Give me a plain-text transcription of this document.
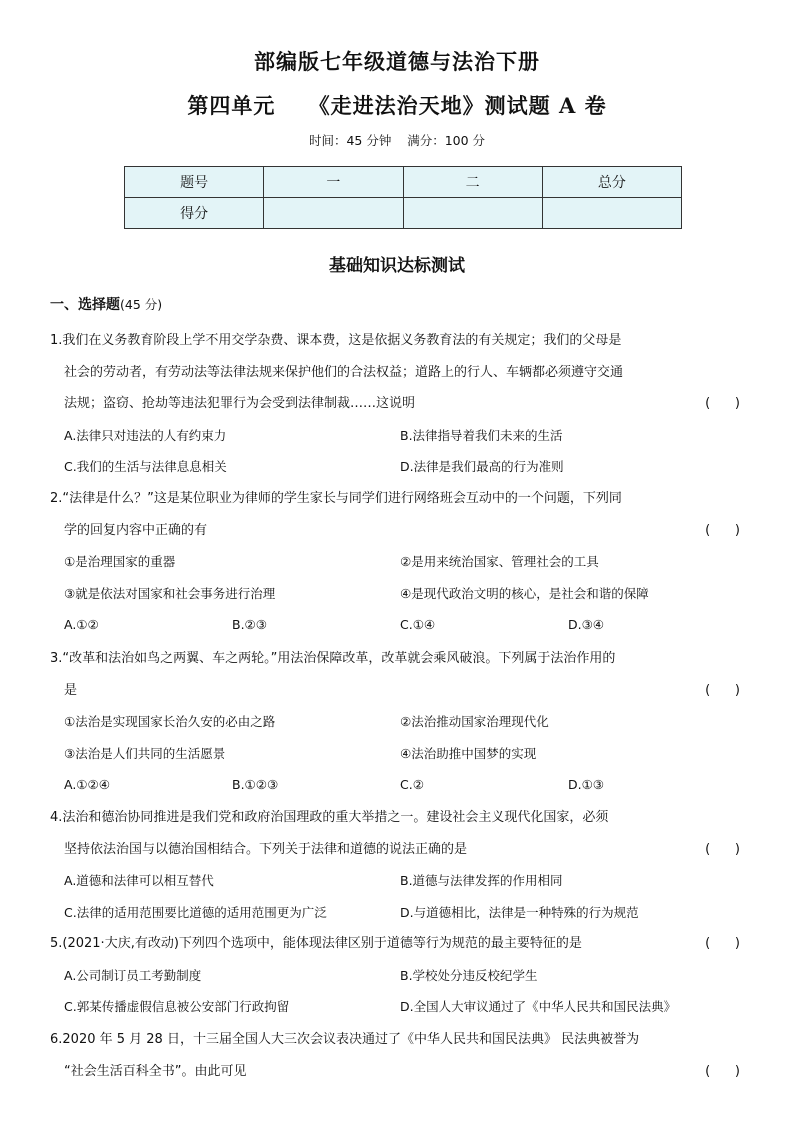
部编版七年级道德与法治下册
第四单元    《走进法治天地》测试题 A 卷
时间：45 分钟    满分：100 分
题号	一	二	总分
得分			
基础知识达标测试
一、选择题(45 分)
1.我们在义务教育阶段上学不用交学杂费、课本费，这是依据义务教育法的有关规定；我们的父母是
社会的劳动者，有劳动法等法律法规来保护他们的合法权益；道路上的行人、车辆都必须遵守交通
法规；盗窃、抢劫等违法犯罪行为会受到法律制裁……这说明	(      )
A.法律只对违法的人有约束力	B.法律指导着我们未来的生活
C.我们的生活与法律息息相关	D.法律是我们最高的行为准则
2.“法律是什么？”这是某位职业为律师的学生家长与同学们进行网络班会互动中的一个问题，下列同
学的回复内容中正确的有	(      )
①是治理国家的重器	②是用来统治国家、管理社会的工具
③就是依法对国家和社会事务进行治理	④是现代政治文明的核心，是社会和谐的保障
A.①②	B.②③	C.①④	D.③④
3.“改革和法治如鸟之两翼、车之两轮。”用法治保障改革，改革就会乘风破浪。下列属于法治作用的
是	(      )
①法治是实现国家长治久安的必由之路	②法治推动国家治理现代化
③法治是人们共同的生活愿景	④法治助推中国梦的实现
A.①②④	B.①②③	C.②	D.①③
4.法治和德治协同推进是我们党和政府治国理政的重大举措之一。建设社会主义现代化国家，必须
坚持依法治国与以德治国相结合。下列关于法律和道德的说法正确的是	(      )
A.道德和法律可以相互替代	B.道德与法律发挥的作用相同
C.法律的适用范围要比道德的适用范围更为广泛	D.与道德相比，法律是一种特殊的行为规范
5.(2021·大庆,有改动)下列四个选项中，能体现法律区别于道德等行为规范的最主要特征的是	(      )
A.公司制订员工考勤制度	B.学校处分违反校纪学生
C.郭某传播虚假信息被公安部门行政拘留	D.全国人大审议通过了《中华人民共和国民法典》
6.2020 年 5 月 28 日，十三届全国人大三次会议表决通过了《中华人民共和国民法典》 民法典被誉为
“社会生活百科全书”。由此可见	(      )
